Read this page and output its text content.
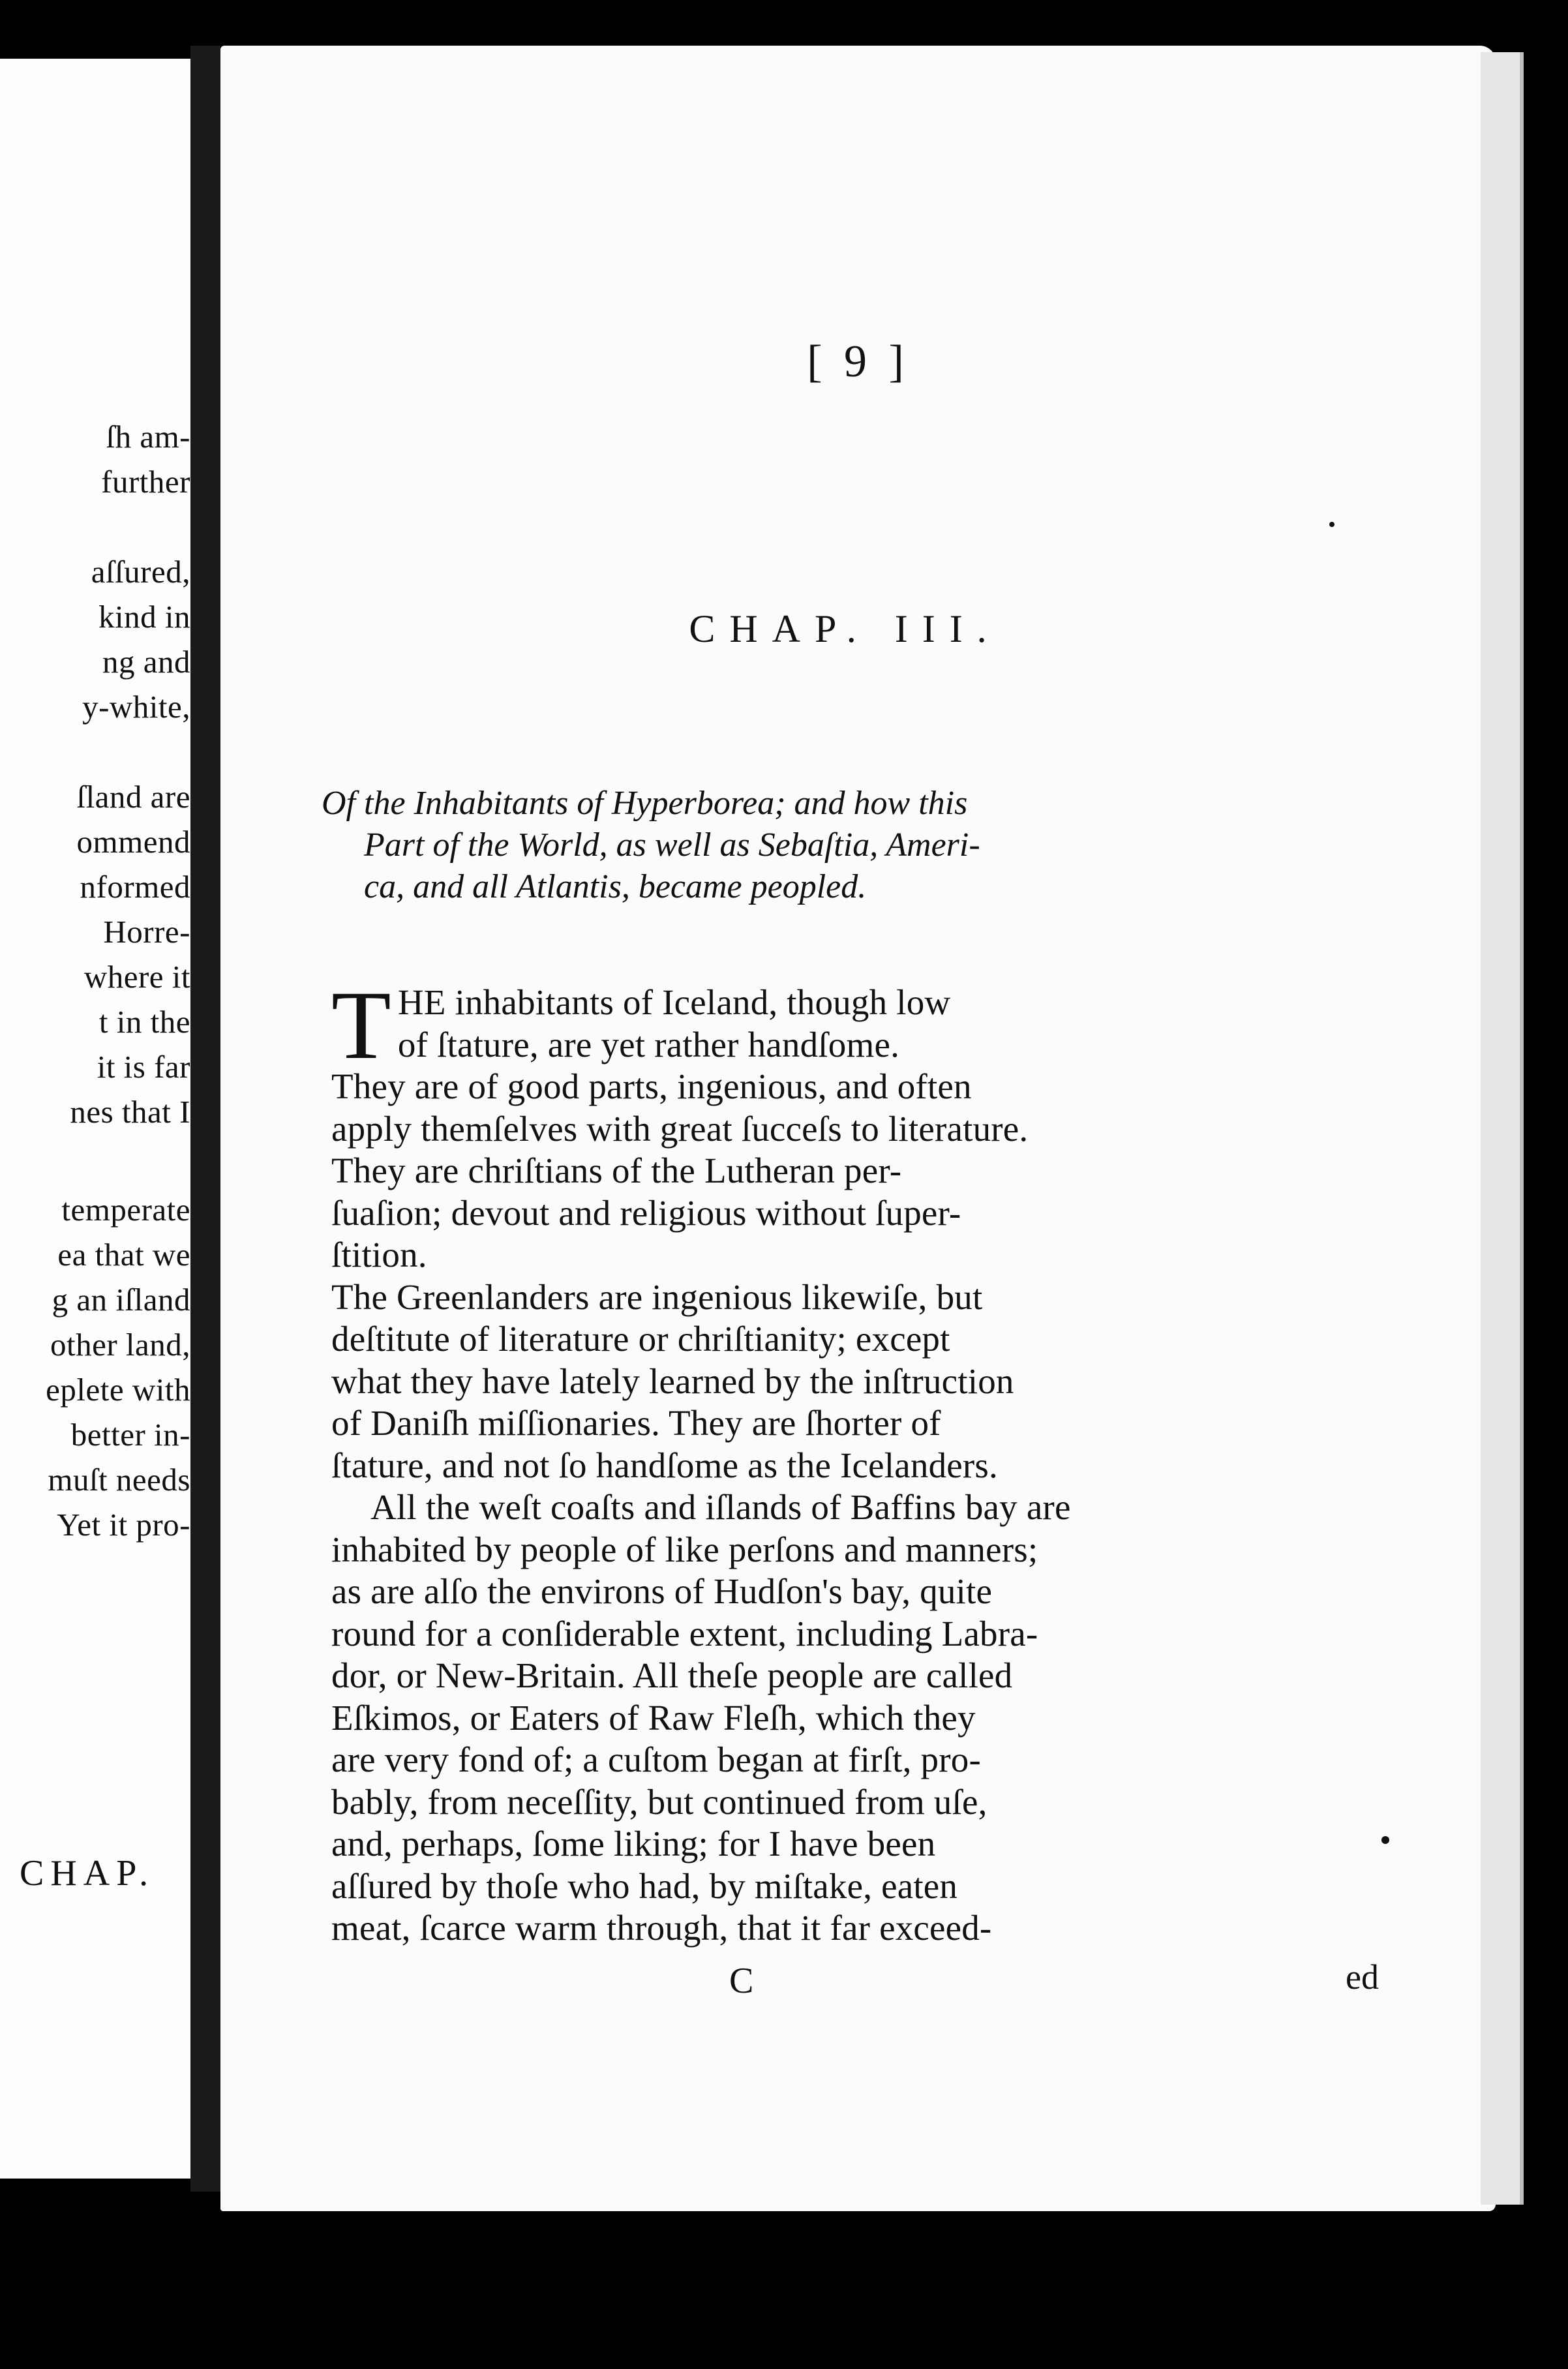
ſh am-
further
aſſured,
kind in
ng and
y-white,
ſland are
ommend
nformed
Horre-
where it
t in the
it is far
nes that I
temperate
ea that we
g an iſland
other land,
eplete with
better in-
muſt needs
Yet it pro-
CHAP.
[ 9 ]
CHAP. III.
Of the Inhabitants of Hyperborea; and how this
Part of the World, as well as Sebaſtia, Ameri-
ca, and all Atlantis, became peopled.
T HE inhabitants of Iceland, though low
of ſtature, are yet rather handſome.
They are of good parts, ingenious, and often
apply themſelves with great ſucceſs to literature.
They are chriſtians of the Lutheran per-
ſuaſion; devout and religious without ſuper-
ſtition.
The Greenlanders are ingenious likewiſe, but
deſtitute of literature or chriſtianity; except
what they have lately learned by the inſtruction
of Daniſh miſſionaries. They are ſhorter of
ſtature, and not ſo handſome as the Icelanders.
All the weſt coaſts and iſlands of Baffins bay are
inhabited by people of like perſons and manners;
as are alſo the environs of Hudſon's bay, quite
round for a conſiderable extent, including Labra-
dor, or New-Britain. All theſe people are called
Eſkimos, or Eaters of Raw Fleſh, which they
are very fond of; a cuſtom began at firſt, pro-
bably, from neceſſity, but continued from uſe,
and, perhaps, ſome liking; for I have been
aſſured by thoſe who had, by miſtake, eaten
meat, ſcarce warm through, that it far exceed-
C	ed
